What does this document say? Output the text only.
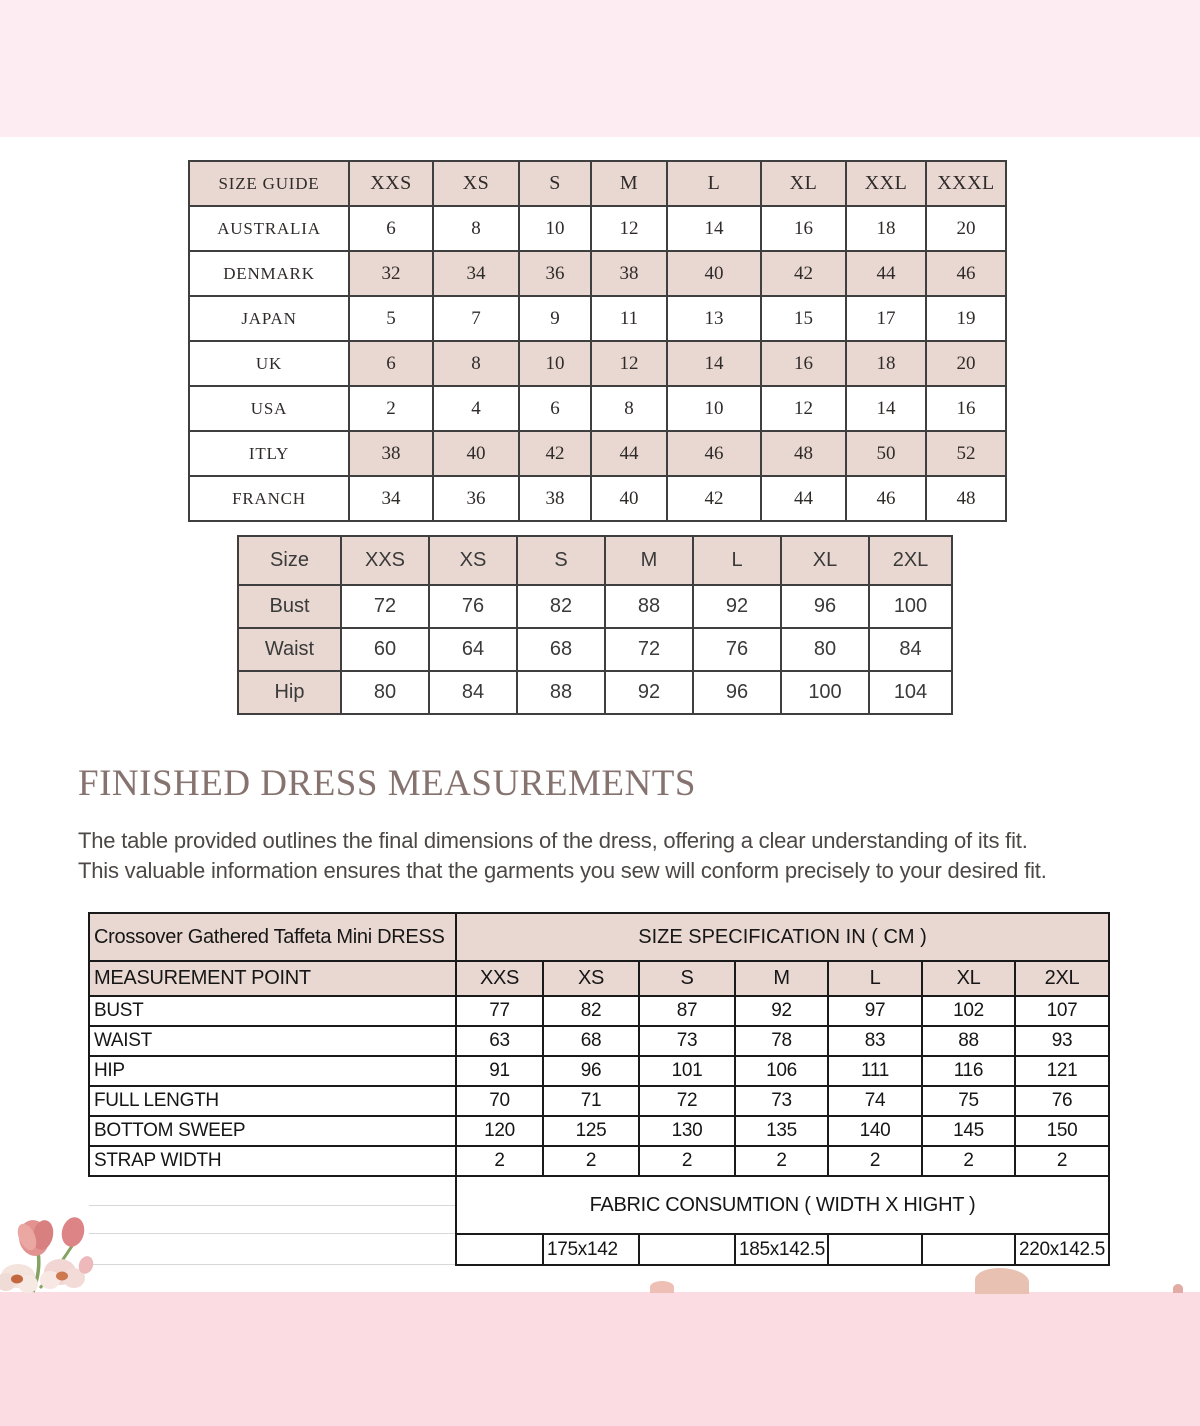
SIZE GUIDE	XXS	XS	S	M	L	XL	XXL	XXXL
AUSTRALIA	6	8	10	12	14	16	18	20
DENMARK	32	34	36	38	40	42	44	46
JAPAN	5	7	9	11	13	15	17	19
UK	6	8	10	12	14	16	18	20
USA	2	4	6	8	10	12	14	16
ITLY	38	40	42	44	46	48	50	52
FRANCH	34	36	38	40	42	44	46	48
Size	XXS	XS	S	M	L	XL	2XL
Bust	72	76	82	88	92	96	100
Waist	60	64	68	72	76	80	84
Hip	80	84	88	92	96	100	104
FINISHED DRESS MEASUREMENTS
The table provided outlines the final dimensions of the dress, offering a clear understanding of its fit.
This valuable information ensures that the garments you sew will conform precisely to your desired fit.
Crossover Gathered Taffeta Mini DRESS	SIZE SPECIFICATION IN ( CM )						
MEASUREMENT POINT	XXS	XS	S	M	L	XL	2XL
BUST	77	82	87	92	97	102	107
WAIST	63	68	73	78	83	88	93
HIP	91	96	101	106	111	116	121
FULL LENGTH	70	71	72	73	74	75	76
BOTTOM SWEEP	120	125	130	135	140	145	150
STRAP WIDTH	2	2	2	2	2	2	2

	FABRIC CONSUMTION ( WIDTH X HIGHT )						
		175x142		185x142.5			220x142.5
